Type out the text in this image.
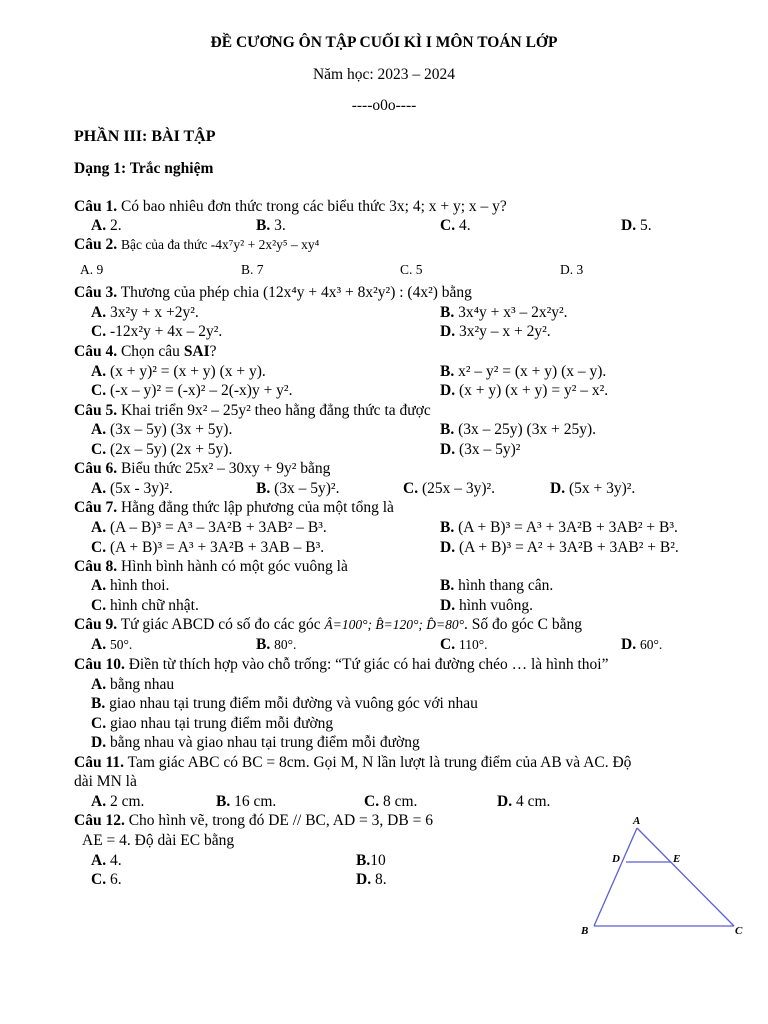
ĐỀ CƯƠNG ÔN TẬP CUỐI KÌ I MÔN TOÁN LỚP
Năm học: 2023 – 2024
----o0o----
PHẦN III: BÀI TẬP
Dạng 1: Trắc nghiệm
Câu 1. Có bao nhiêu đơn thức trong các biểu thức 3x; 4; x + y; x – y?
A. 2.	B. 3.	C. 4.	D. 5.
Câu 2. Bậc của đa thức -4x⁷y² + 2x²y⁵ – xy⁴
A. 9	B. 7	C. 5	D. 3
Câu 3. Thương của phép chia (12x⁴y + 4x³ + 8x²y²) : (4x²) bằng
A. 3x²y + x +2y².	B. 3x⁴y + x³ – 2x²y².
C. -12x²y + 4x – 2y².	D. 3x²y – x + 2y².
Câu 4. Chọn câu SAI?
A. (x + y)² = (x + y) (x + y).	B. x² – y² = (x + y) (x – y).
C. (-x – y)² = (-x)² – 2(-x)y + y².	D. (x + y) (x + y) = y² – x².
Câu 5. Khai triển 9x² – 25y² theo hằng đẳng thức ta được
A. (3x – 5y) (3x + 5y).	B. (3x – 25y) (3x + 25y).
C. (2x – 5y) (2x + 5y).	D. (3x – 5y)²
Câu 6. Biểu thức 25x² – 30xy + 9y² bằng
A. (5x - 3y)².	B. (3x – 5y)².	C. (25x – 3y)².	D. (5x + 3y)².
Câu 7. Hằng đẳng thức lập phương của một tổng là
A. (A – B)³ = A³ – 3A²B + 3AB² – B³.	B. (A + B)³ = A³ + 3A²B + 3AB² + B³.
C. (A + B)³ = A³ + 3A²B + 3AB – B³.	D. (A + B)³ = A² + 3A²B + 3AB² + B².
Câu 8. Hình bình hành có một góc vuông là
A. hình thoi.	B. hình thang cân.
C. hình chữ nhật.	D. hình vuông.
Câu 9. Tứ giác ABCD có số đo các góc Â=100°; B̂=120°; D̂=80°. Số đo góc C bằng
A. 50°.	B. 80°.	C. 110°.	D. 60°.
Câu 10. Điền từ thích hợp vào chỗ trống: “Tứ giác có hai đường chéo … là hình thoi”
A. bằng nhau
B. giao nhau tại trung điểm mỗi đường và vuông góc với nhau
C. giao nhau tại trung điểm mỗi đường
D. bằng nhau và giao nhau tại trung điểm mỗi đường
Câu 11. Tam giác ABC có BC = 8cm. Gọi M, N lần lượt là trung điểm của AB và AC. Độ
dài MN là
A. 2 cm.	B. 16 cm.	C. 8 cm.	D. 4 cm.
Câu 12. Cho hình vẽ, trong đó DE // BC, AD = 3, DB = 6
AE = 4. Độ dài EC bằng
A. 4.	B.10
C. 6.	D. 8.
A
D	E
B	C
